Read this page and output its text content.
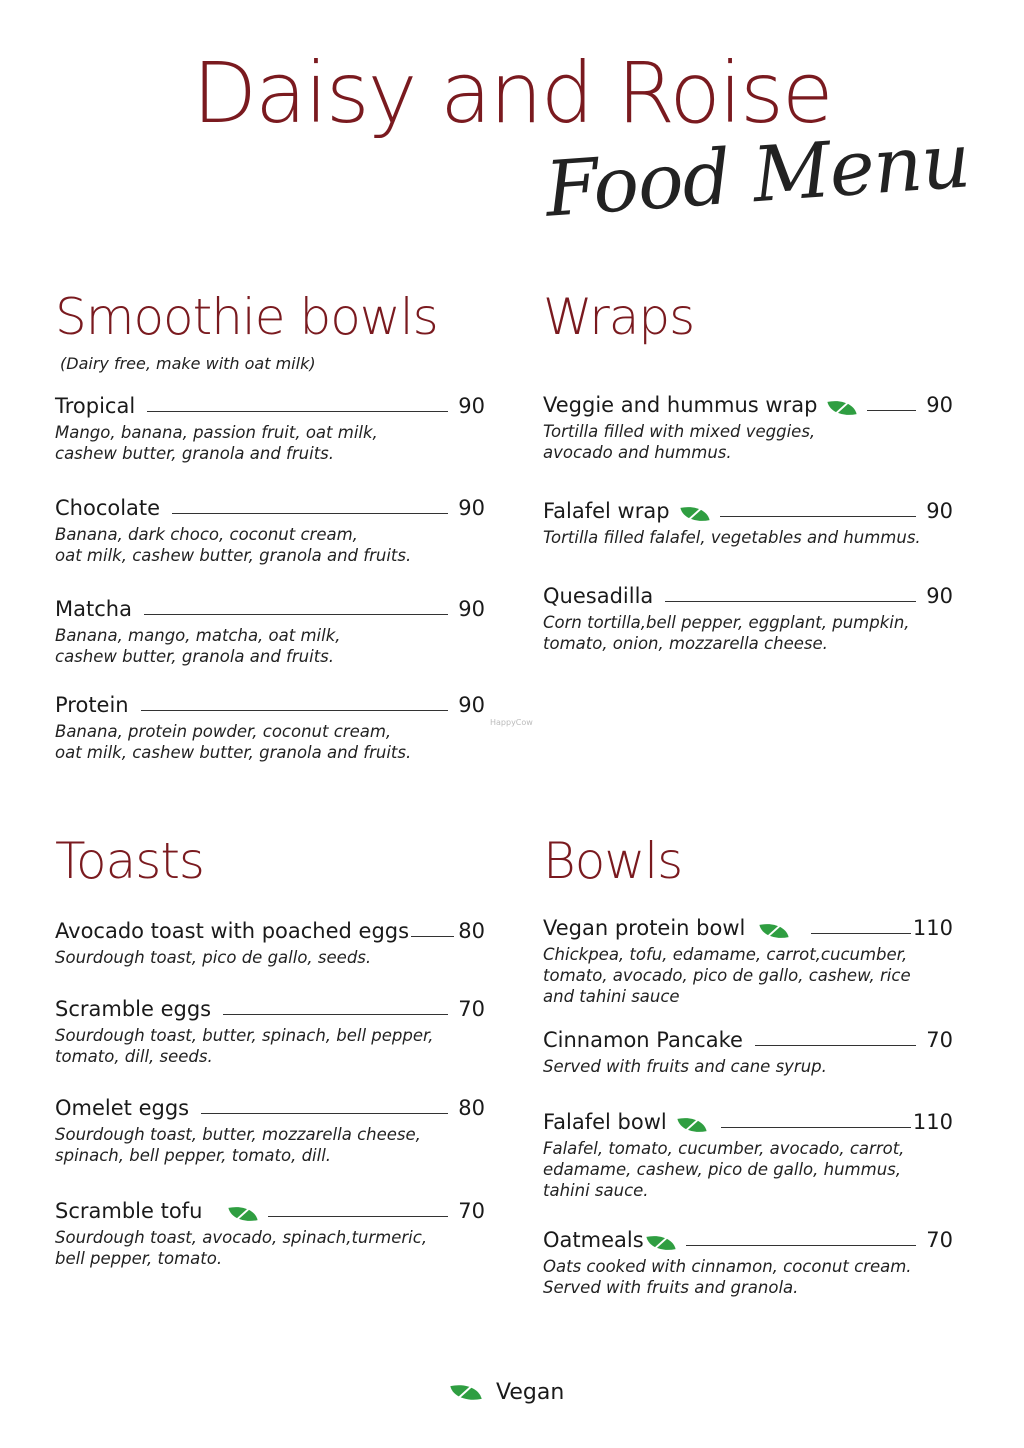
Daisy and Roise
Food Menu
Smoothie bowls
(Dairy free, make with oat milk)
Tropical	90
Mango, banana, passion fruit, oat milk,
cashew butter, granola and fruits.
Chocolate	90
Banana, dark choco, coconut cream,
oat milk, cashew butter, granola and fruits.
Matcha	90
Banana, mango, matcha, oat milk,
cashew butter, granola and fruits.
Protein	90
Banana, protein powder, coconut cream,
oat milk, cashew butter, granola and fruits.
Wraps
Veggie and hummus wrap	90
Tortilla filled with mixed veggies,
avocado and hummus.
Falafel wrap	90
Tortilla filled falafel, vegetables and hummus.
Quesadilla	90
Corn tortilla,bell pepper, eggplant, pumpkin,
tomato, onion, mozzarella cheese.
HappyCow
Toasts
Avocado toast with poached eggs 80
Sourdough toast, pico de gallo, seeds.
Scramble eggs	70
Sourdough toast, butter, spinach, bell pepper,
tomato, dill, seeds.
Omelet eggs	80
Sourdough toast, butter, mozzarella cheese,
spinach, bell pepper, tomato, dill.
Scramble tofu	70
Sourdough toast, avocado, spinach,turmeric,
bell pepper, tomato.
Bowls
Vegan protein bowl	110
Chickpea, tofu, edamame, carrot,cucumber,
tomato, avocado, pico de gallo, cashew, rice
and tahini sauce
Cinnamon Pancake	70
Served with fruits and cane syrup.
Falafel bowl	110
Falafel, tomato, cucumber, avocado, carrot,
edamame, cashew, pico de gallo, hummus,
tahini sauce.
Oatmeals	70
Oats cooked with cinnamon, coconut cream.
Served with fruits and granola.
Vegan
